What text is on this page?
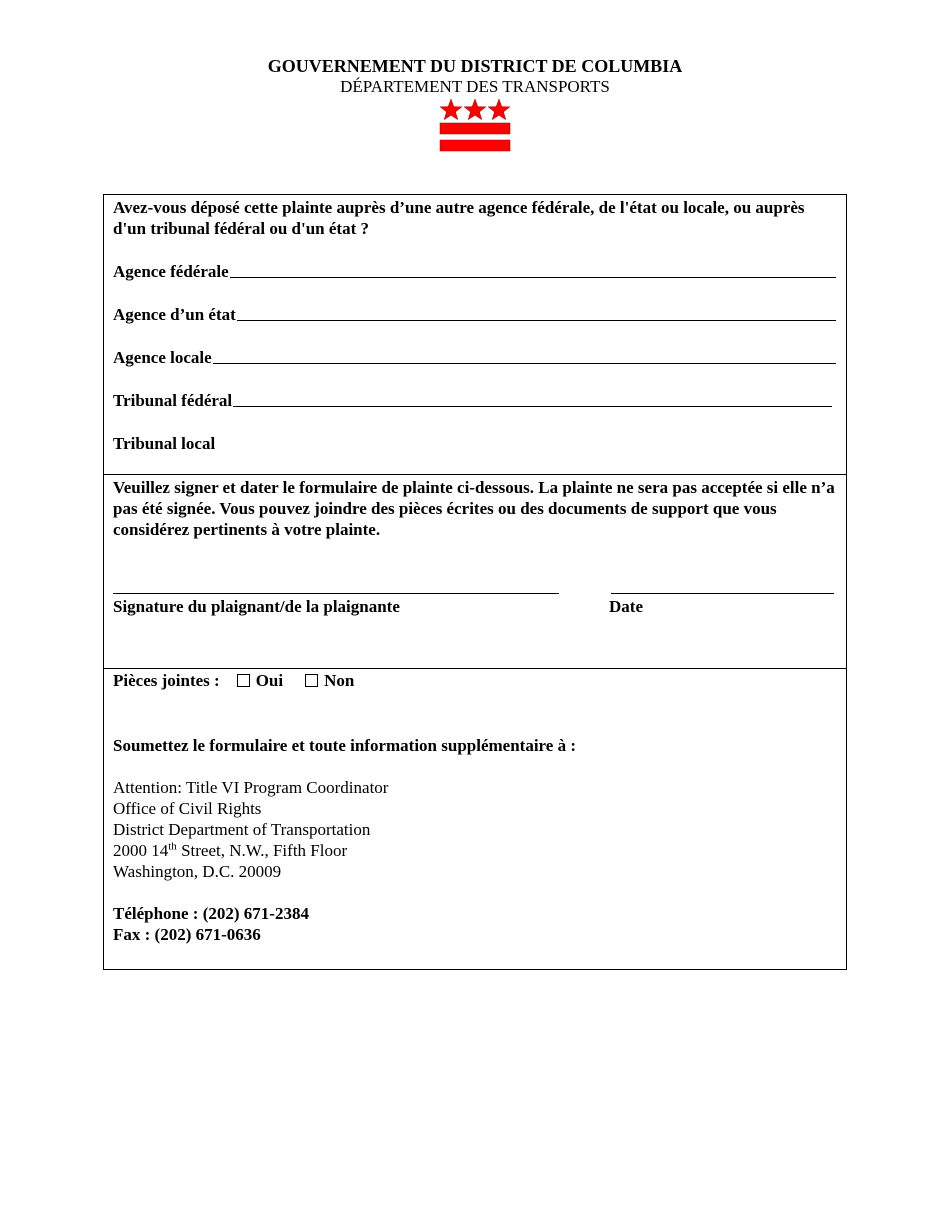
GOUVERNEMENT DU DISTRICT DE COLUMBIA
DÉPARTEMENT DES TRANSPORTS
Avez-vous déposé cette plainte auprès d’une autre agence fédérale, de l'état ou locale, ou auprès d'un tribunal fédéral ou d'un état ?
Agence fédérale
Agence d’un état
Agence locale
Tribunal fédéral
Tribunal local
Veuillez signer et dater le formulaire de plainte ci-dessous. La plainte ne sera pas acceptée si elle n’a pas été signée. Vous pouvez joindre des pièces écrites ou des documents de support que vous considérez pertinents à votre plainte.
Signature du plaignant/de la plaignante	Date
Pièces jointes : Oui Non
Soumettez le formulaire et toute information supplémentaire à :
Attention: Title VI Program Coordinator
Office of Civil Rights
District Department of Transportation
2000 14th Street, N.W., Fifth Floor
Washington, D.C. 20009
Téléphone : (202) 671-2384
Fax : (202) 671-0636
